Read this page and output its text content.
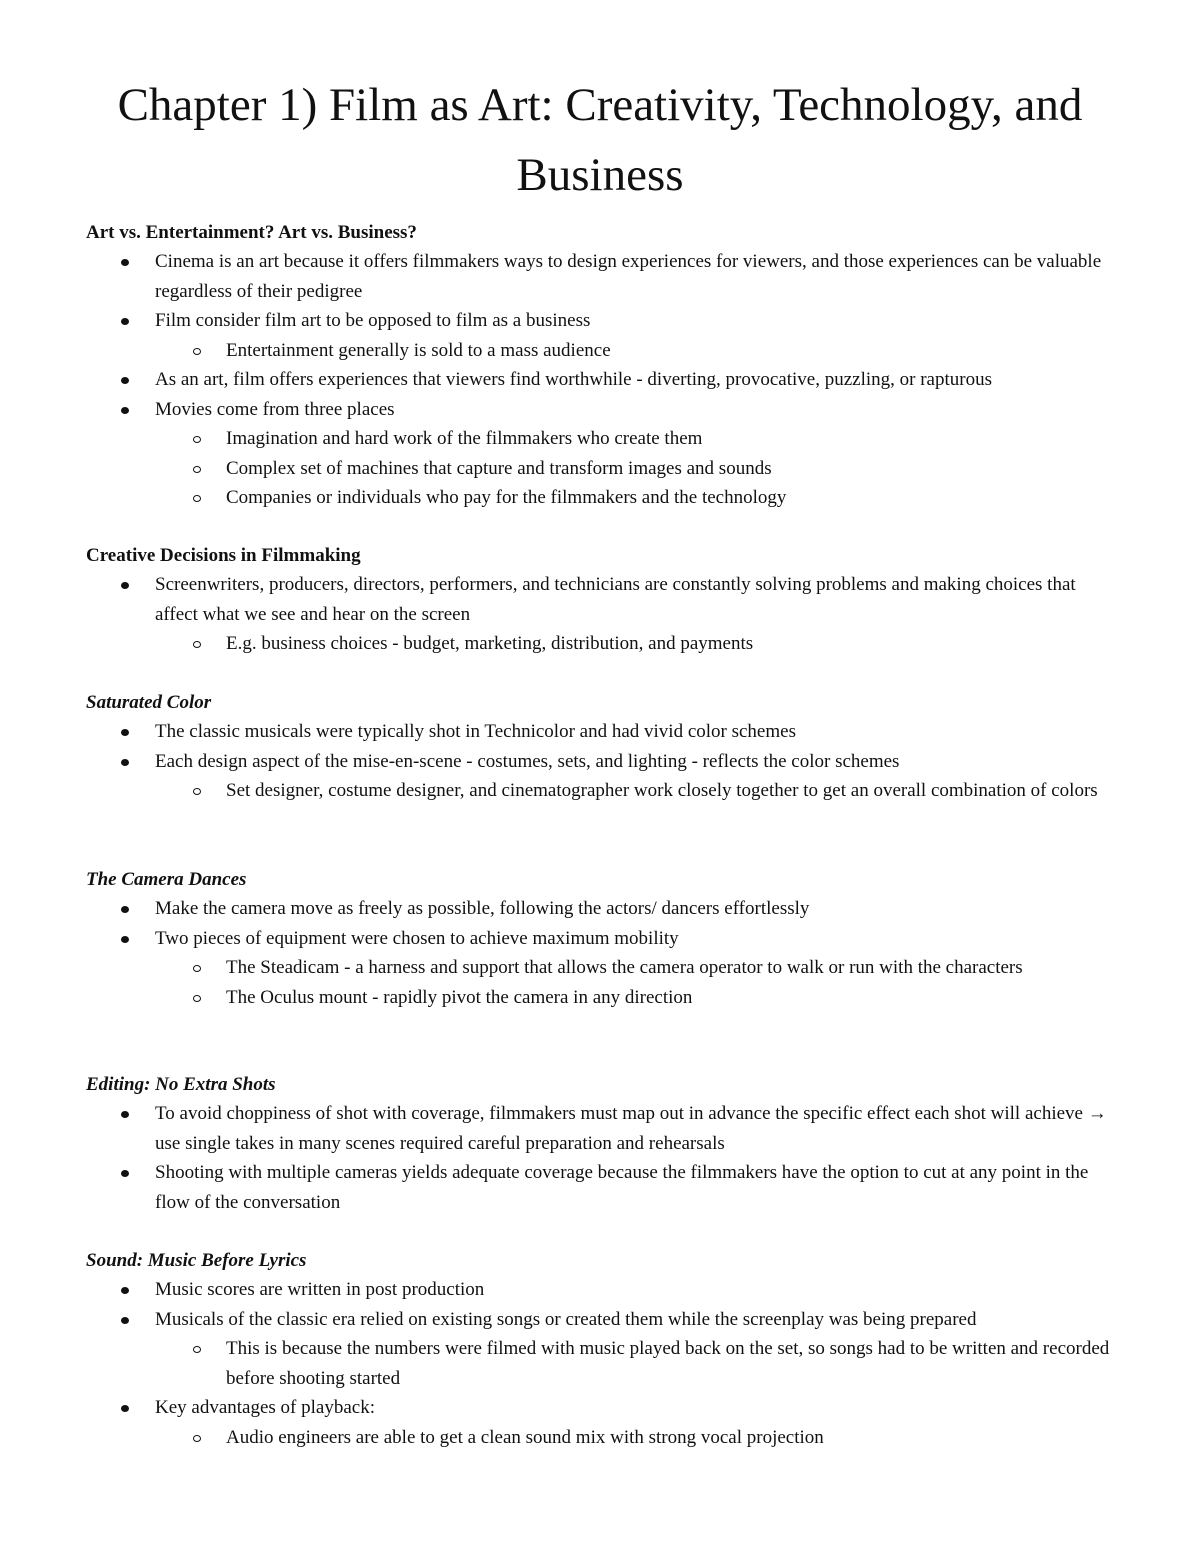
Chapter 1) Film as Art: Creativity, Technology, and Business
Art vs. Entertainment? Art vs. Business?
Cinema is an art because it offers filmmakers ways to design experiences for viewers, and those experiences can be valuable regardless of their pedigree
Film consider film art to be opposed to film as a business
Entertainment generally is sold to a mass audience
As an art, film offers experiences that viewers find worthwhile - diverting, provocative, puzzling, or rapturous
Movies come from three places
Imagination and hard work of the filmmakers who create them
Complex set of machines that capture and transform images and sounds
Companies or individuals who pay for the filmmakers and the technology
Creative Decisions in Filmmaking
Screenwriters, producers, directors, performers, and technicians are constantly solving problems and making choices that affect what we see and hear on the screen
E.g. business choices - budget, marketing, distribution, and payments
Saturated Color
The classic musicals were typically shot in Technicolor and had vivid color schemes
Each design aspect of the mise-en-scene - costumes, sets, and lighting - reflects the color schemes
Set designer, costume designer, and cinematographer work closely together to get an overall combination of colors
The Camera Dances
Make the camera move as freely as possible, following the actors/ dancers effortlessly
Two pieces of equipment were chosen to achieve maximum mobility
The Steadicam - a harness and support that allows the camera operator to walk or run with the characters
The Oculus mount - rapidly pivot the camera in any direction
Editing: No Extra Shots
To avoid choppiness of shot with coverage, filmmakers must map out in advance the specific effect each shot will achieve → use single takes in many scenes required careful preparation and rehearsals
Shooting with multiple cameras yields adequate coverage because the filmmakers have the option to cut at any point in the flow of the conversation
Sound: Music Before Lyrics
Music scores are written in post production
Musicals of the classic era relied on existing songs or created them while the screenplay was being prepared
This is because the numbers were filmed with music played back on the set, so songs had to be written and recorded before shooting started
Key advantages of playback:
Audio engineers are able to get a clean sound mix with strong vocal projection
